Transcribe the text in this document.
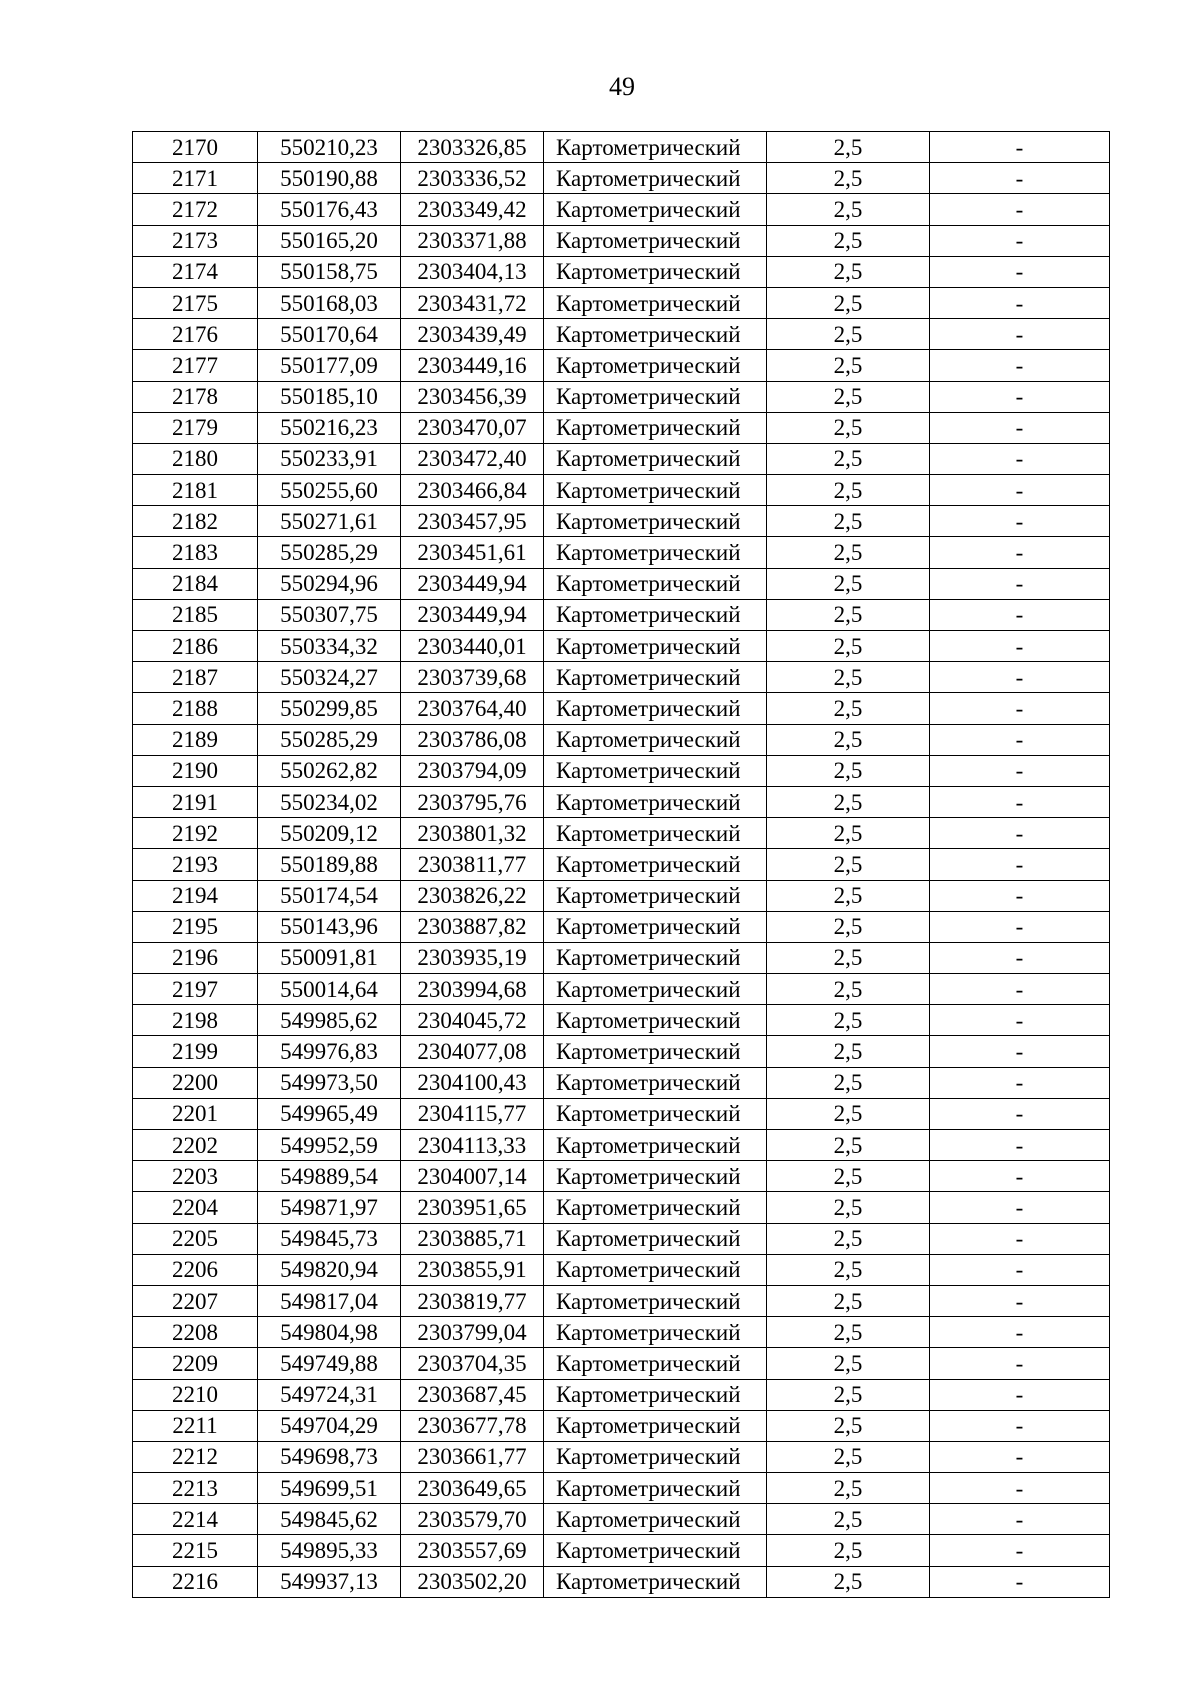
49
2170	550210,23	2303326,85	Картометрический	2,5	-
2171	550190,88	2303336,52	Картометрический	2,5	-
2172	550176,43	2303349,42	Картометрический	2,5	-
2173	550165,20	2303371,88	Картометрический	2,5	-
2174	550158,75	2303404,13	Картометрический	2,5	-
2175	550168,03	2303431,72	Картометрический	2,5	-
2176	550170,64	2303439,49	Картометрический	2,5	-
2177	550177,09	2303449,16	Картометрический	2,5	-
2178	550185,10	2303456,39	Картометрический	2,5	-
2179	550216,23	2303470,07	Картометрический	2,5	-
2180	550233,91	2303472,40	Картометрический	2,5	-
2181	550255,60	2303466,84	Картометрический	2,5	-
2182	550271,61	2303457,95	Картометрический	2,5	-
2183	550285,29	2303451,61	Картометрический	2,5	-
2184	550294,96	2303449,94	Картометрический	2,5	-
2185	550307,75	2303449,94	Картометрический	2,5	-
2186	550334,32	2303440,01	Картометрический	2,5	-
2187	550324,27	2303739,68	Картометрический	2,5	-
2188	550299,85	2303764,40	Картометрический	2,5	-
2189	550285,29	2303786,08	Картометрический	2,5	-
2190	550262,82	2303794,09	Картометрический	2,5	-
2191	550234,02	2303795,76	Картометрический	2,5	-
2192	550209,12	2303801,32	Картометрический	2,5	-
2193	550189,88	2303811,77	Картометрический	2,5	-
2194	550174,54	2303826,22	Картометрический	2,5	-
2195	550143,96	2303887,82	Картометрический	2,5	-
2196	550091,81	2303935,19	Картометрический	2,5	-
2197	550014,64	2303994,68	Картометрический	2,5	-
2198	549985,62	2304045,72	Картометрический	2,5	-
2199	549976,83	2304077,08	Картометрический	2,5	-
2200	549973,50	2304100,43	Картометрический	2,5	-
2201	549965,49	2304115,77	Картометрический	2,5	-
2202	549952,59	2304113,33	Картометрический	2,5	-
2203	549889,54	2304007,14	Картометрический	2,5	-
2204	549871,97	2303951,65	Картометрический	2,5	-
2205	549845,73	2303885,71	Картометрический	2,5	-
2206	549820,94	2303855,91	Картометрический	2,5	-
2207	549817,04	2303819,77	Картометрический	2,5	-
2208	549804,98	2303799,04	Картометрический	2,5	-
2209	549749,88	2303704,35	Картометрический	2,5	-
2210	549724,31	2303687,45	Картометрический	2,5	-
2211	549704,29	2303677,78	Картометрический	2,5	-
2212	549698,73	2303661,77	Картометрический	2,5	-
2213	549699,51	2303649,65	Картометрический	2,5	-
2214	549845,62	2303579,70	Картометрический	2,5	-
2215	549895,33	2303557,69	Картометрический	2,5	-
2216	549937,13	2303502,20	Картометрический	2,5	-
